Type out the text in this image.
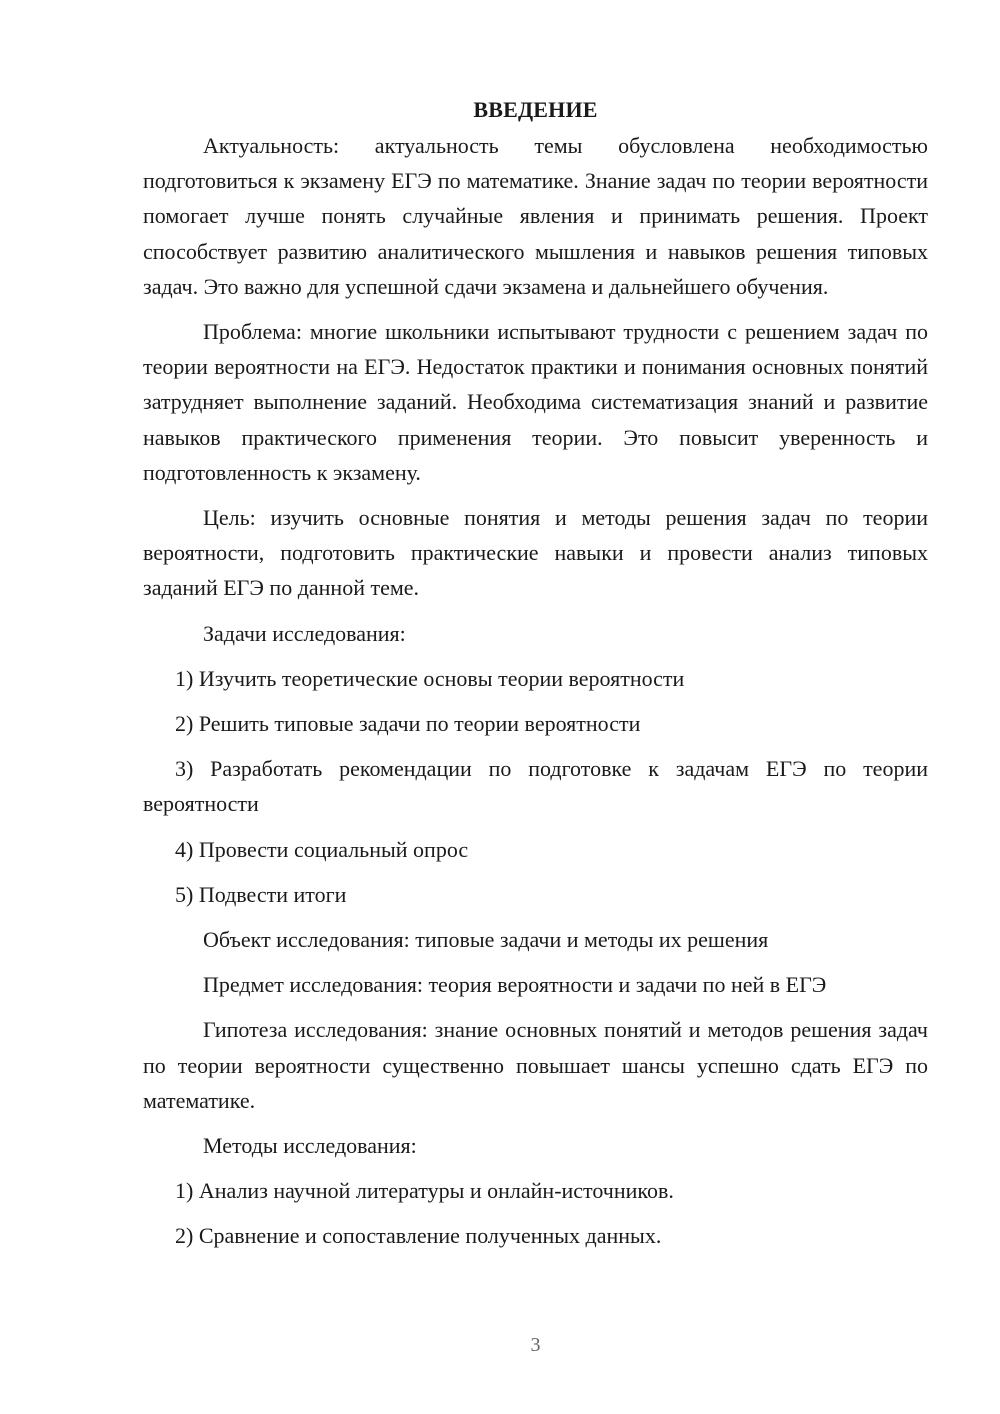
ВВЕДЕНИЕ

Актуальность: актуальность темы обусловлена необходимостью подготовиться к экзамену ЕГЭ по математике. Знание задач по теории вероятности помогает лучше понять случайные явления и принимать решения. Проект способствует развитию аналитического мышления и навыков решения типовых задач. Это важно для успешной сдачи экзамена и дальнейшего обучения.

Проблема: многие школьники испытывают трудности с решением задач по теории вероятности на ЕГЭ. Недостаток практики и понимания основных понятий затрудняет выполнение заданий. Необходима систематизация знаний и развитие навыков практического применения теории. Это повысит уверенность и подготовленность к экзамену.

Цель: изучить основные понятия и методы решения задач по теории вероятности, подготовить практические навыки и провести анализ типовых заданий ЕГЭ по данной теме.

Задачи исследования:

1) Изучить теоретические основы теории вероятности

2) Решить типовые задачи по теории вероятности

3) Разработать рекомендации по подготовке к задачам ЕГЭ по теории вероятности

4) Провести социальный опрос

5) Подвести итоги

Объект исследования: типовые задачи и методы их решения

Предмет исследования: теория вероятности и задачи по ней в ЕГЭ

Гипотеза исследования: знание основных понятий и методов решения задач по теории вероятности существенно повышает шансы успешно сдать ЕГЭ по математике.

Методы исследования:

1) Анализ научной литературы и онлайн-источников.

2) Сравнение и сопоставление полученных данных.

3
